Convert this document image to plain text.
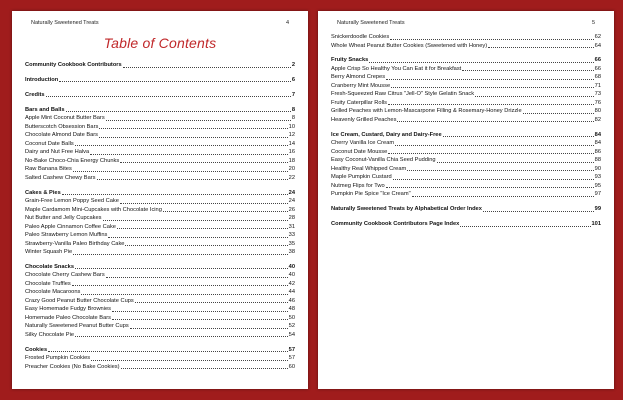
Naturally Sweetened Treats	4
Table of Contents
Community Cookbook Contributors	2
Introduction	6
Credits	7
Bars and Balls	8
Apple Mint Coconut Butter Bars	8
Butterscotch Obsession Bars	10
Chocolate Almond Date Bars	12
Coconut Date Balls	14
Dairy and Nut Free Halva	16
No-Bake Choco-Chia Energy Chunks	18
Raw Banana Bites	20
Salted Cashew Chewy Bars	22
Cakes & Pies	24
Grain-Free Lemon Poppy Seed Cake	24
Maple Cardamom Mini-Cupcakes with Chocolate Icing	26
Nut Butter and Jelly Cupcakes	28
Paleo Apple Cinnamon Coffee Cake	31
Paleo Strawberry Lemon Muffins	33
Strawberry-Vanilla Paleo Birthday Cake	35
Winter Squash Pie	38
Chocolate Snacks	40
Chocolate Cherry Cashew Bars	40
Chocolate Truffles	42
Chocolate Macaroons	44
Crazy Good Peanut Butter Chocolate Cups	46
Easy Homemade Fudgy Brownies	48
Homemade Paleo Chocolate Bars	50
Naturally Sweetened Peanut Butter Cups	52
Silky Chocolate Pie	54
Cookies	57
Frosted Pumpkin Cookies	57
Preacher Cookies (No Bake Cookies)	60
Naturally Sweetened Treats	5
Snickerdoodle Cookies	62
Whole Wheat Peanut Butter Cookies (Sweetened with Honey)	64
Fruity Snacks	66
Apple Crisp So Healthy You Can Eat it for Breakfast	66
Berry Almond Crepes	68
Cranberry Mint Mousse	71
Fresh-Squeezed Raw Citrus "Jell-O" Style Gelatin Snack	73
Fruity Caterpillar Rolls	76
Grilled Peaches with Lemon-Mascarpone Filling & Rosemary-Honey Drizzle	80
Heavenly Grilled Peaches	82
Ice Cream, Custard, Dairy and Dairy-Free	84
Cherry Vanilla Ice Cream	84
Coconut Date Mousse	86
Easy Coconut-Vanilla Chia Seed Pudding	88
Healthy Real Whipped Cream	90
Maple Pumpkin Custard	93
Nutmeg Flips for Two	95
Pumpkin Pie Spice "Ice Cream"	97
Naturally Sweetened Treats by Alphabetical Order Index	99
Community Cookbook Contributors Page Index	101
